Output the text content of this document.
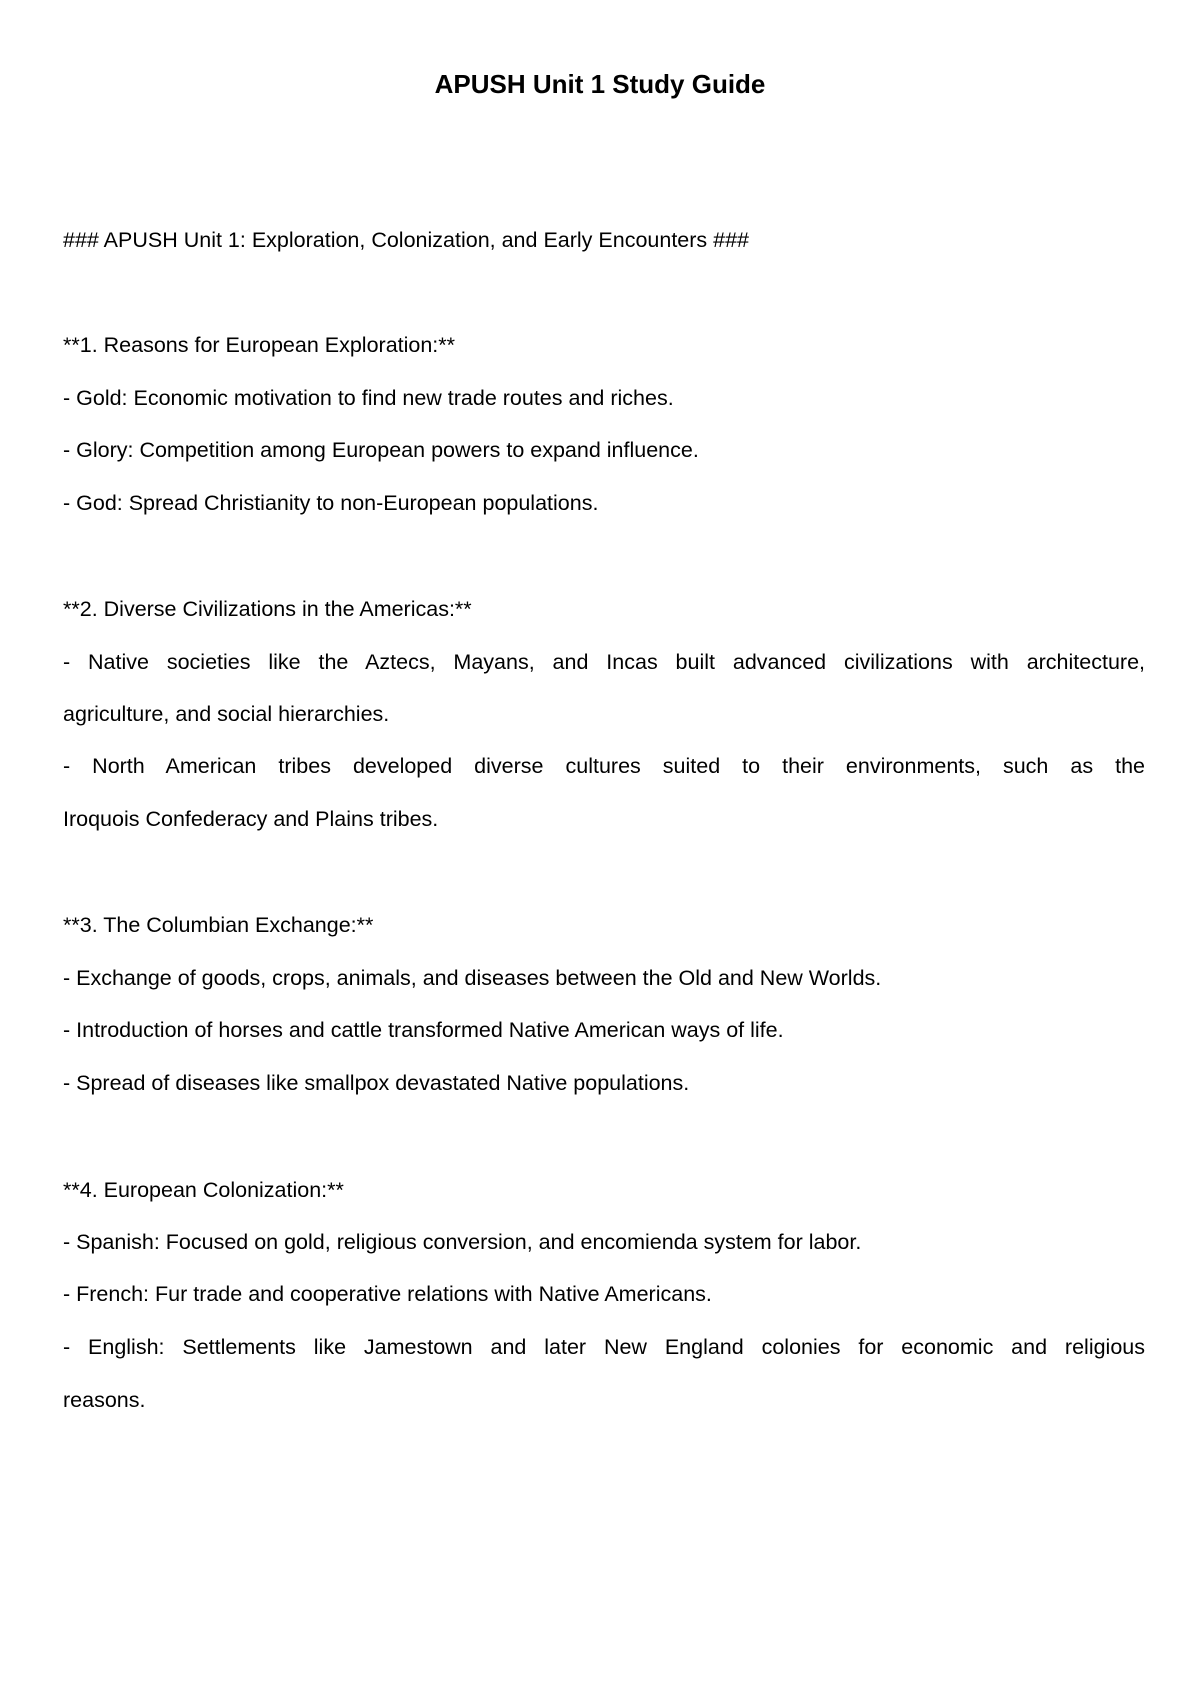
APUSH Unit 1 Study Guide
### APUSH Unit 1: Exploration, Colonization, and Early Encounters ###
**1. Reasons for European Exploration:**
- Gold: Economic motivation to find new trade routes and riches.
- Glory: Competition among European powers to expand influence.
- God: Spread Christianity to non-European populations.
**2. Diverse Civilizations in the Americas:**
- Native societies like the Aztecs, Mayans, and Incas built advanced civilizations with architecture,
agriculture, and social hierarchies.
- North American tribes developed diverse cultures suited to their environments, such as the
Iroquois Confederacy and Plains tribes.
**3. The Columbian Exchange:**
- Exchange of goods, crops, animals, and diseases between the Old and New Worlds.
- Introduction of horses and cattle transformed Native American ways of life.
- Spread of diseases like smallpox devastated Native populations.
**4. European Colonization:**
- Spanish: Focused on gold, religious conversion, and encomienda system for labor.
- French: Fur trade and cooperative relations with Native Americans.
- English: Settlements like Jamestown and later New England colonies for economic and religious
reasons.
